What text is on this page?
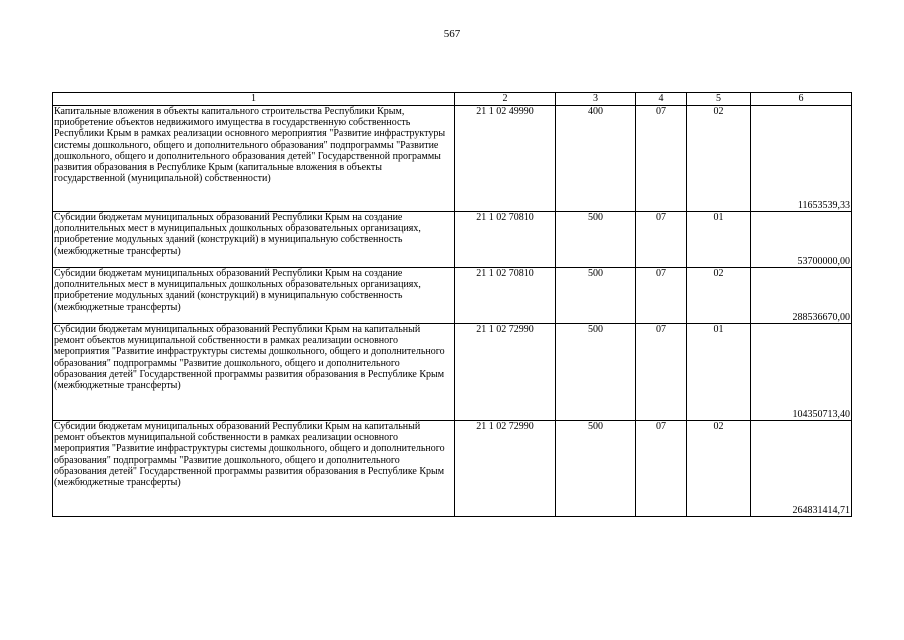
567
1	2	3	4	5	6
Капитальные вложения в объекты капитального строительства Республики Крым, приобретение объектов недвижимого имущества в государственную собственность Республики Крым в рамках реализации основного мероприятия "Развитие инфраструктуры системы дошкольного, общего и дополнительного образования" подпрограммы "Развитие дошкольного, общего и дополнительного образования детей" Государственной программы развития образования в Республике Крым (капитальные вложения в объекты государственной (муниципальной) собственности)	21 1 02 49990	400	07	02	11653539,33
Субсидии бюджетам муниципальных образований Республики Крым на создание дополнительных мест в муниципальных дошкольных образовательных организациях, приобретение модульных зданий (конструкций) в муниципальную собственность (межбюджетные трансферты)	21 1 02 70810	500	07	01	53700000,00
Субсидии бюджетам муниципальных образований Республики Крым на создание дополнительных мест в муниципальных дошкольных образовательных организациях, приобретение модульных зданий (конструкций) в муниципальную собственность (межбюджетные трансферты)	21 1 02 70810	500	07	02	288536670,00
Субсидии бюджетам муниципальных образований Республики Крым на капитальный ремонт объектов муниципальной собственности в рамках реализации основного мероприятия "Развитие инфраструктуры системы дошкольного, общего и дополнительного образования" подпрограммы "Развитие дошкольного, общего и дополнительного образования детей" Государственной программы развития образования в Республике Крым (межбюджетные трансферты)	21 1 02 72990	500	07	01	104350713,40
Субсидии бюджетам муниципальных образований Республики Крым на капитальный ремонт объектов муниципальной собственности в рамках реализации основного мероприятия "Развитие инфраструктуры системы дошкольного, общего и дополнительного образования" подпрограммы "Развитие дошкольного, общего и дополнительного образования детей" Государственной программы развития образования в Республике Крым (межбюджетные трансферты)	21 1 02 72990	500	07	02	264831414,71
